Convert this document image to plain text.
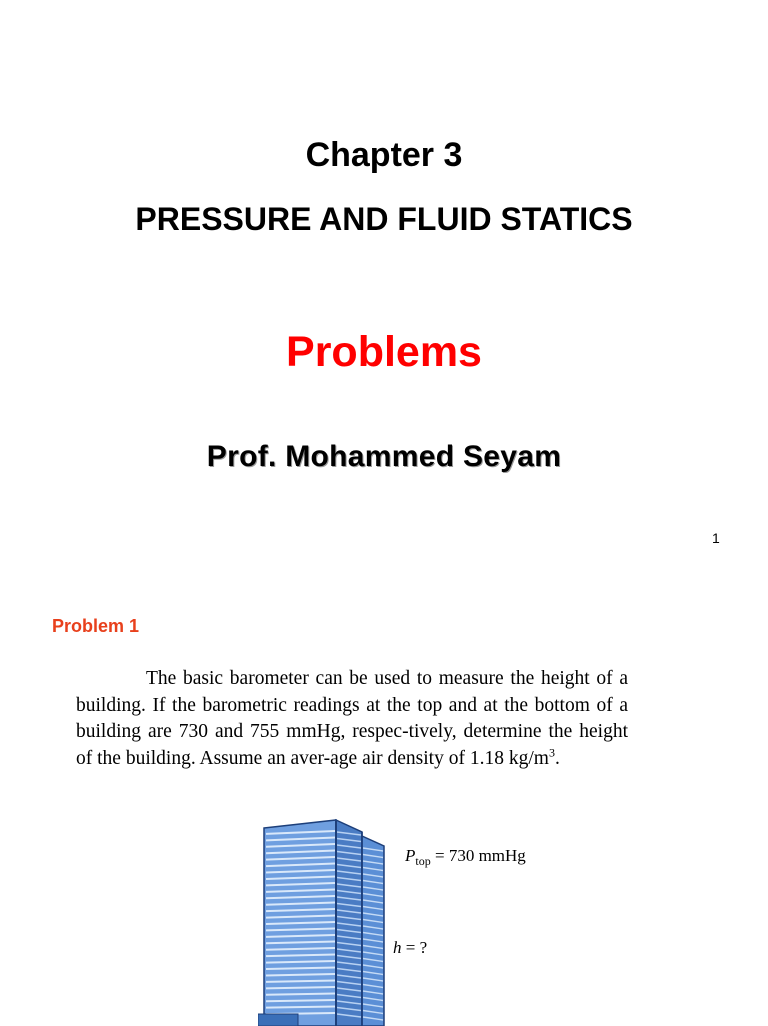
Chapter 3
PRESSURE AND FLUID STATICS
Problems
Prof. Mohammed Seyam
1
Problem 1
The basic barometer can be used to measure the height of a building. If the barometric readings at the top and at the bottom of a building are 730 and 755 mmHg, respec-tively, determine the height of the building. Assume an aver-age air density of 1.18 $kg/m^3$.
$P_{top} = 730$ mmHg
h = ?
